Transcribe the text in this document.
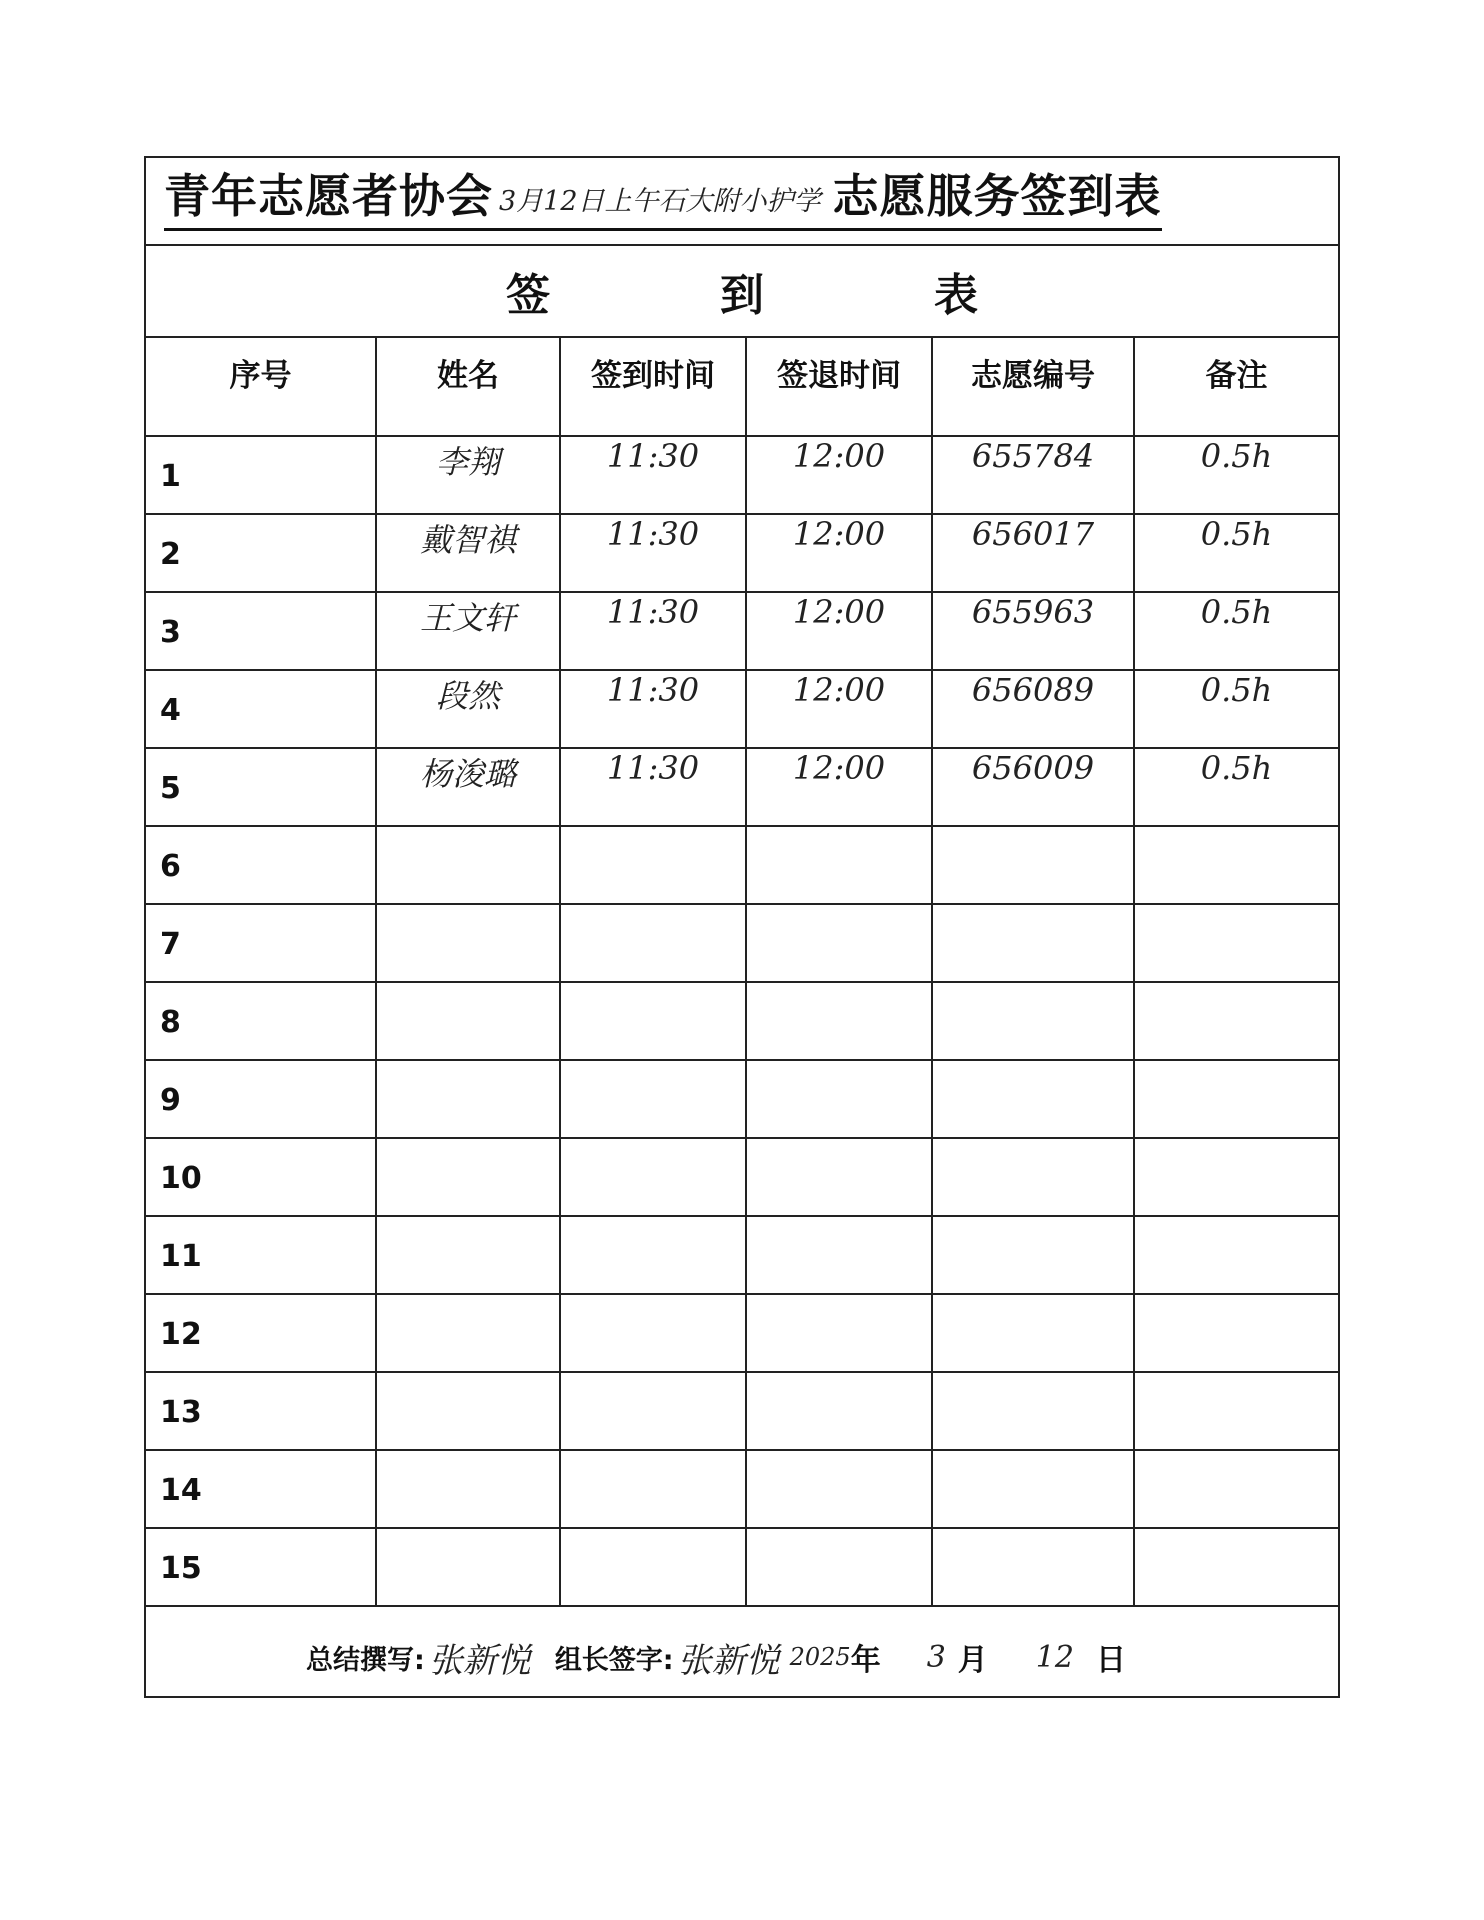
青年志愿者协会 3月12日上午石大附小护学 志愿服务签到表
签到表
序号	姓名	签到时间	签退时间	志愿编号	备注
1	李翔	11:30	12:00	655784	0.5h
2	戴智祺	11:30	12:00	656017	0.5h
3	王文轩	11:30	12:00	655963	0.5h
4	段然	11:30	12:00	656089	0.5h
5	杨浚璐	11:30	12:00	656009	0.5h
6					
7					
8					
9					
10					
11					
12					
13					
14					
15					
总结撰写: 张新悦 组长签字: 张新悦 2025 年 3 月 12 日
